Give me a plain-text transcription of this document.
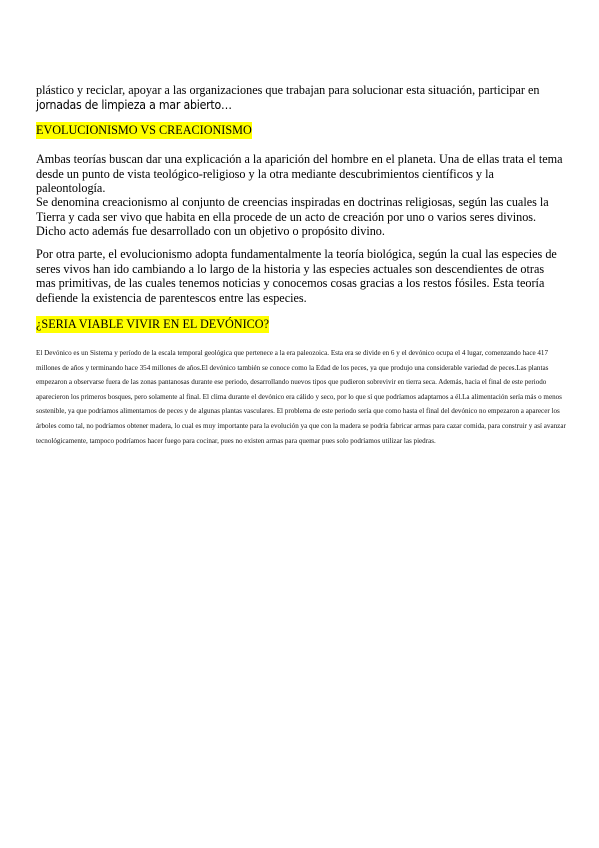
plástico y reciclar, apoyar a las organizaciones que trabajan para solucionar esta situación, participar en
jornadas de limpieza a mar abierto…

EVOLUCIONISMO VS CREACIONISMO

Ambas teorías buscan dar una explicación a la aparición del hombre en el planeta. Una de ellas trata el tema desde un punto de vista teológico-religioso y la otra mediante descubrimientos científicos y la paleontología.

Se denomina creacionismo al conjunto de creencias inspiradas en doctrinas religiosas, según las cuales la Tierra y cada ser vivo que habita en ella procede de un acto de creación por uno o varios seres divinos. Dicho acto además fue desarrollado con un objetivo o propósito divino.

Por otra parte, el evolucionismo adopta fundamentalmente la teoría biológica, según la cual las especies de seres vivos han ido cambiando a lo largo de la historia y las especies actuales son descendientes de otras mas primitivas, de las cuales tenemos noticias y conocemos cosas gracias a los restos fósiles. Esta teoría defiende la existencia de parentescos entre las especies.

¿SERIA VIABLE VIVIR EN EL DEVÓNICO?

El Devónico es un Sistema y período de la escala temporal geológica que pertenece a la era paleozoica. Esta era se divide en 6 y el devónico ocupa el 4 lugar, comenzando hace 417 millones de años y terminando hace 354 millones de años.El devónico también se conoce como la Edad de los peces, ya que produjo una considerable variedad de peces.Las plantas empezaron a observarse fuera de las zonas pantanosas durante ese periodo, desarrollando nuevos tipos que pudieron sobrevivir en tierra seca. Además, hacia el final de este periodo aparecieron los primeros bosques, pero solamente al final. El clima durante el devónico era cálido y seco, por lo que sí que podríamos adaptarnos a él.La alimentación sería más o menos sostenible, ya que podríamos alimentarnos de peces y de algunas plantas vasculares. El problema de este periodo sería que como hasta el final del devónico no empezaron a aparecer los árboles como tal, no podríamos obtener madera, lo cual es muy importante para la evolución ya que con la madera se podría fabricar armas para cazar comida, para construir y así avanzar tecnológicamente, tampoco podríamos hacer fuego para cocinar, pues no existen armas para quemar pues solo podríamos utilizar las piedras.
